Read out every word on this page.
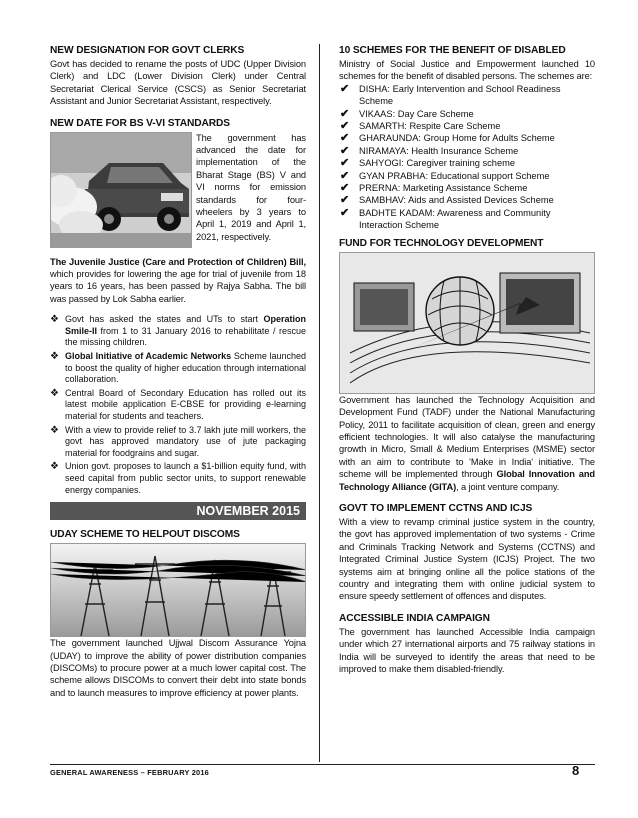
NEW DESIGNATION FOR GOVT CLERKS

Govt has decided to rename the posts of UDC (Upper Division Clerk) and LDC (Lower Division Clerk) under Central Secretariat Clerical Service (CSCS) as Senior Secretariat Assistant and Junior Secretariat Assistant, respectively.

NEW DATE FOR BS V-VI STANDARDS

The government has advanced the date for implementation of the Bharat Stage (BS) V and VI norms for emission standards for four-wheelers by 3 years to April 1, 2019 and April 1, 2021, respectively.

The Juvenile Justice (Care and Protection of Children) Bill, which provides for lowering the age for trial of juvenile from 18 years to 16 years, has been passed by Rajya Sabha. The bill was passed by Lok Sabha earlier.

❖ Govt has asked the states and UTs to start Operation Smile-II from 1 to 31 January 2016 to rehabilitate / rescue the missing children.
❖ Global Initiative of Academic Networks Scheme launched to boost the quality of higher education through international collaboration.
❖ Central Board of Secondary Education has rolled out its latest mobile application E-CBSE for providing e-learning material for students and teachers.
❖ With a view to provide relief to 3.7 lakh jute mill workers, the govt has approved mandatory use of jute packaging material for foodgrains and sugar.
❖ Union govt. proposes to launch a $1-billion equity fund, with seed capital from public sector units, to support renewable energy companies.
NOVEMBER 2015
UDAY SCHEME TO HELPOUT DISCOMS

The government launched Ujjwal Discom Assurance Yojna (UDAY) to improve the ability of power distribution companies (DISCOMs) to procure power at a much lower capital cost. The scheme allows DISCOMs to convert their debt into state bonds and to launch measures to improve efficiency at power plants.

10 SCHEMES FOR THE BENEFIT OF DISABLED

Ministry of Social Justice and Empowerment launched 10 schemes for the benefit of disabled persons. The schemes are:

✔ DISHA: Early Intervention and School Readiness Scheme
✔ VIKAAS: Day Care Scheme
✔ SAMARTH: Respite Care Scheme
✔ GHARAUNDA: Group Home for Adults Scheme
✔ NIRAMAYA: Health Insurance Scheme
✔ SAHYOGI: Caregiver training scheme
✔ GYAN PRABHA: Educational support Scheme
✔ PRERNA: Marketing Assistance Scheme
✔ SAMBHAV: Aids and Assisted Devices Scheme
✔ BADHTE KADAM: Awareness and Community Interaction Scheme
FUND FOR TECHNOLOGY DEVELOPMENT

Government has launched the Technology Acquisition and Development Fund (TADF) under the National Manufacturing Policy, 2011 to facilitate acquisition of clean, green and energy efficient technologies. It will also catalyse the manufacturing growth in Micro, Small & Medium Enterprises (MSME) sector with an aim to contribute to 'Make in India' initiative. The scheme will be implemented through Global Innovation and Technology Alliance (GITA), a joint venture company.

GOVT TO IMPLEMENT CCTNS AND ICJS

With a view to revamp criminal justice system in the country, the govt has approved implementation of two systems - Crime and Criminals Tracking Network and Systems (CCTNS) and Integrated Criminal Justice System (ICJS) Project. The two systems aim at bringing online all the police stations of the country and integrating them with online judicial system to ensure speedy settlement of offences and disputes.

ACCESSIBLE INDIA CAMPAIGN

The government has launched Accessible India campaign under which 27 international airports and 75 railway stations in India will be surveyed to identify the areas that need to be improved to make them disabled-friendly.

GENERAL AWARENESS – FEBRUARY 2016	8
